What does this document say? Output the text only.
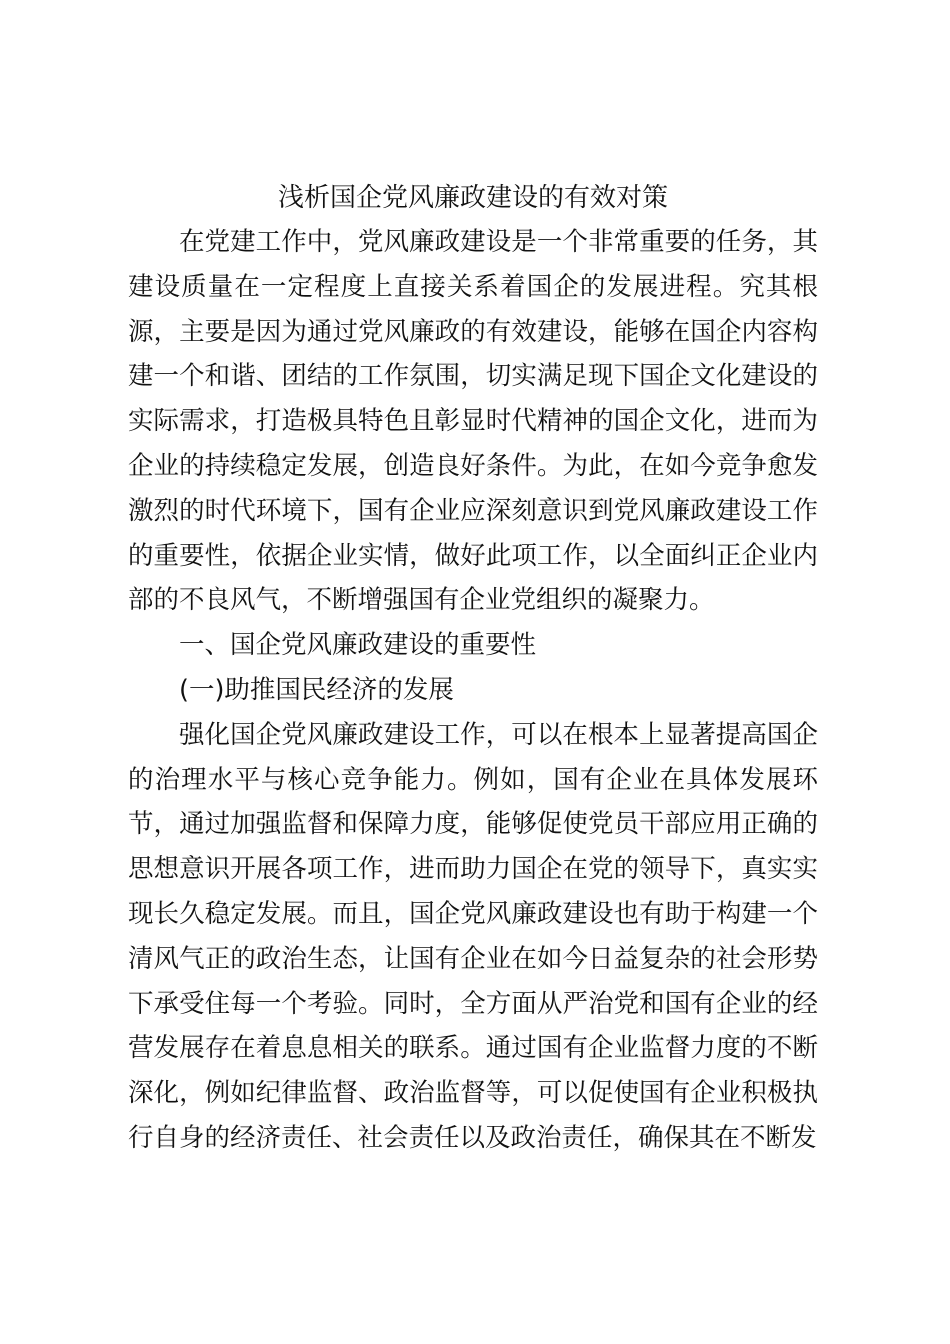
浅析国企党风廉政建设的有效对策

在党建工作中，党风廉政建设是一个非常重要的任务，其建设质量在一定程度上直接关系着国企的发展进程。究其根源，主要是因为通过党风廉政的有效建设，能够在国企内容构建一个和谐、团结的工作氛围，切实满足现下国企文化建设的实际需求，打造极具特色且彰显时代精神的国企文化，进而为企业的持续稳定发展，创造良好条件。为此，在如今竞争愈发激烈的时代环境下，国有企业应深刻意识到党风廉政建设工作的重要性，依据企业实情，做好此项工作，以全面纠正企业内部的不良风气，不断增强国有企业党组织的凝聚力。

一、国企党风廉政建设的重要性

(一)助推国民经济的发展

强化国企党风廉政建设工作，可以在根本上显著提高国企的治理水平与核心竞争能力。例如，国有企业在具体发展环节，通过加强监督和保障力度，能够促使党员干部应用正确的思想意识开展各项工作，进而助力国企在党的领导下，真实实现长久稳定发展。而且，国企党风廉政建设也有助于构建一个清风气正的政治生态，让国有企业在如今日益复杂的社会形势下承受住每一个考验。同时，全方面从严治党和国有企业的经营发展存在着息息相关的联系。通过国有企业监督力度的不断深化，例如纪律监督、政治监督等，可以促使国有企业积极执行自身的经济责任、社会责任以及政治责任，确保其在不断发
